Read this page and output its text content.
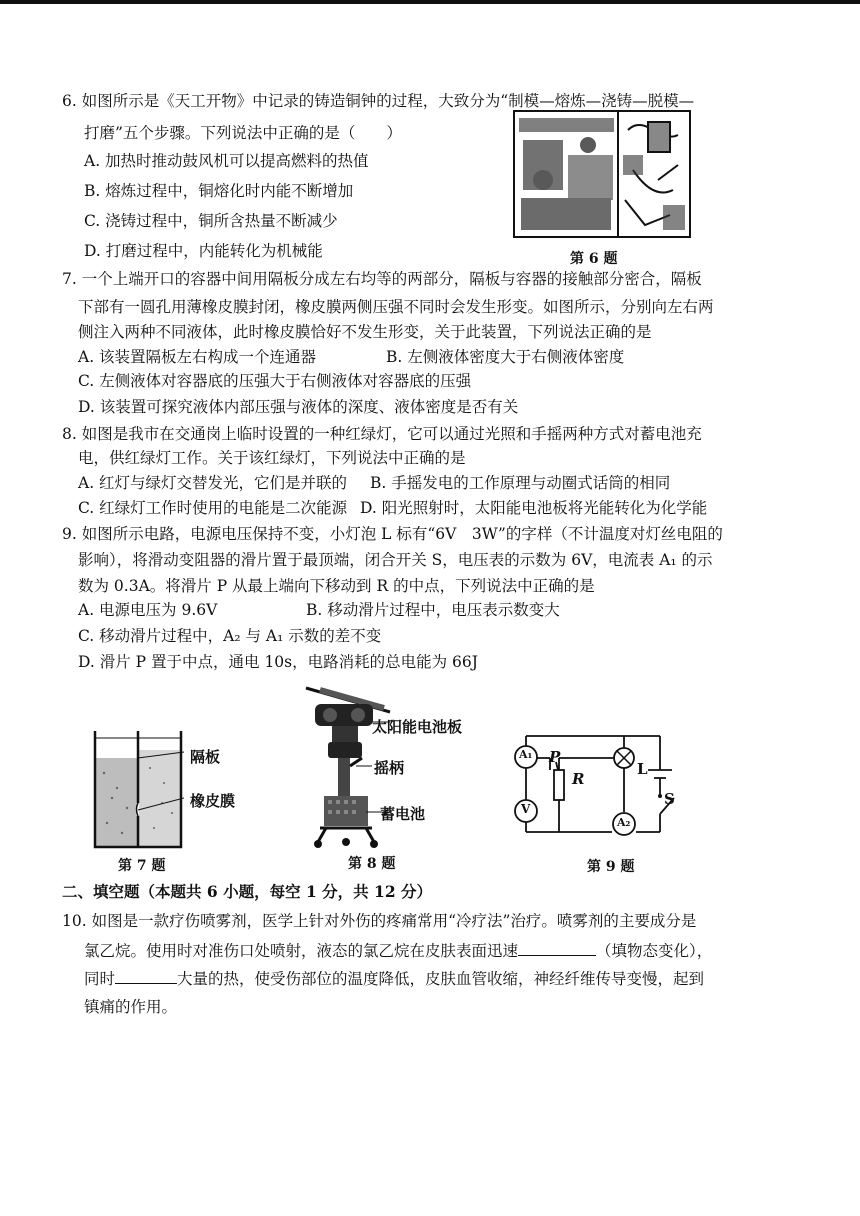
6. 如图所示是《天工开物》中记录的铸造铜钟的过程，大致分为“制模—熔炼—浇铸—脱模—
打磨”五个步骤。下列说法中正确的是（　　）
A. 加热时推动鼓风机可以提高燃料的热值
B. 熔炼过程中，铜熔化时内能不断增加
C. 浇铸过程中，铜所含热量不断减少
D. 打磨过程中，内能转化为机械能	第 6 题
7. 一个上端开口的容器中间用隔板分成左右均等的两部分，隔板与容器的接触部分密合，隔板
下部有一圆孔用薄橡皮膜封闭，橡皮膜两侧压强不同时会发生形变。如图所示，分别向左右两
侧注入两种不同液体，此时橡皮膜恰好不发生形变，关于此装置，下列说法正确的是
A. 该装置隔板左右构成一个连通器	B. 左侧液体密度大于右侧液体密度
C. 左侧液体对容器底的压强大于右侧液体对容器底的压强
D. 该装置可探究液体内部压强与液体的深度、液体密度是否有关
8. 如图是我市在交通岗上临时设置的一种红绿灯，它可以通过光照和手摇两种方式对蓄电池充
电，供红绿灯工作。关于该红绿灯，下列说法中正确的是
A. 红灯与绿灯交替发光，它们是并联的 B. 手摇发电的工作原理与动圈式话筒的相同
C. 红绿灯工作时使用的电能是二次能源 D. 阳光照射时，太阳能电池板将光能转化为化学能
9. 如图所示电路，电源电压保持不变，小灯泡 L 标有“6V　3W”的字样（不计温度对灯丝电阻的
影响），将滑动变阻器的滑片置于最顶端，闭合开关 S，电压表的示数为 6V，电流表 A₁ 的示
数为 0.3A。将滑片 P 从最上端向下移动到 R 的中点，下列说法中正确的是
A. 电源电压为 9.6V	B. 移动滑片过程中，电压表示数变大
C. 移动滑片过程中，A₂ 与 A₁ 示数的差不变
D. 滑片 P 置于中点，通电 10s，电路消耗的总电能为 66J
隔板
橡皮膜
第 7 题
太阳能电池板
摇柄
蓄电池
第 8 题
A₁
V
A₂
P
R
L
S
第 9 题
二、填空题（本题共 6 小题，每空 1 分，共 12 分）
10. 如图是一款疗伤喷雾剂，医学上针对外伤的疼痛常用“冷疗法”治疗。喷雾剂的主要成分是
氯乙烷。使用时对准伤口处喷射，液态的氯乙烷在皮肤表面迅速	（填物态变化），
同时	大量的热，使受伤部位的温度降低，皮肤血管收缩，神经纤维传导变慢，起到
镇痛的作用。
